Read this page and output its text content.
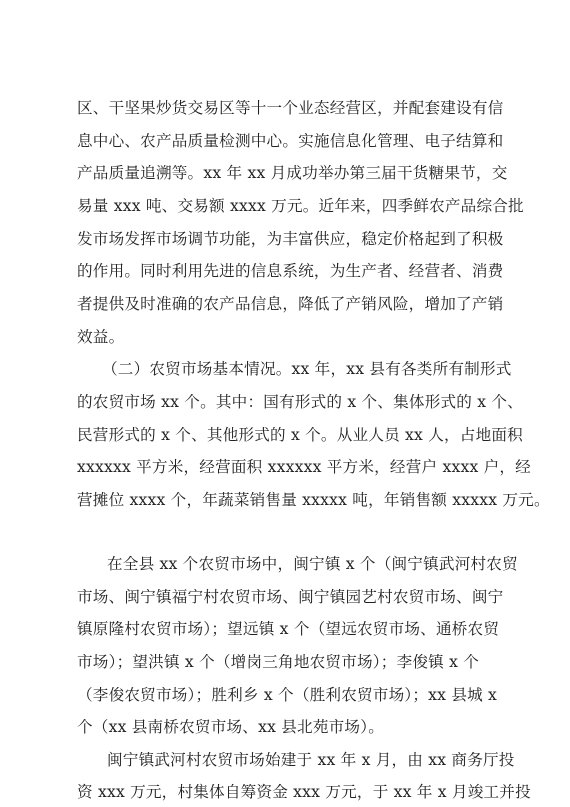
区、干坚果炒货交易区等十一个业态经营区，并配套建设有信
息中心、农产品质量检测中心。实施信息化管理、电子结算和
产品质量追溯等。xx 年 xx 月成功举办第三届干货糖果节，交
易量 xxx 吨、交易额 xxxx 万元。近年来，四季鲜农产品综合批
发市场发挥市场调节功能，为丰富供应，稳定价格起到了积极
的作用。同时利用先进的信息系统，为生产者、经营者、消费
者提供及时准确的农产品信息，降低了产销风险，增加了产销
效益。
（二）农贸市场基本情况。xx 年，xx 县有各类所有制形式
的农贸市场 xx 个。其中：国有形式的 x 个、集体形式的 x 个、
民营形式的 x 个、其他形式的 x 个。从业人员 xx 人，占地面积
xxxxxx 平方米，经营面积 xxxxxx 平方米，经营户 xxxx 户，经
营摊位 xxxx 个，年蔬菜销售量 xxxxx 吨，年销售额 xxxxx 万元。
在全县 xx 个农贸市场中，闽宁镇 x 个（闽宁镇武河村农贸
市场、闽宁镇福宁村农贸市场、闽宁镇园艺村农贸市场、闽宁
镇原隆村农贸市场）；望远镇 x 个（望远农贸市场、通桥农贸
市场）；望洪镇 x 个（增岗三角地农贸市场）；李俊镇 x 个
（李俊农贸市场）；胜利乡 x 个（胜利农贸市场）；xx 县城 x
个（xx 县南桥农贸市场、xx 县北苑市场）。
闽宁镇武河村农贸市场始建于 xx 年 x 月，由 xx 商务厅投
资 xxx 万元，村集体自筹资金 xxx 万元，于 xx 年 x 月竣工并投
